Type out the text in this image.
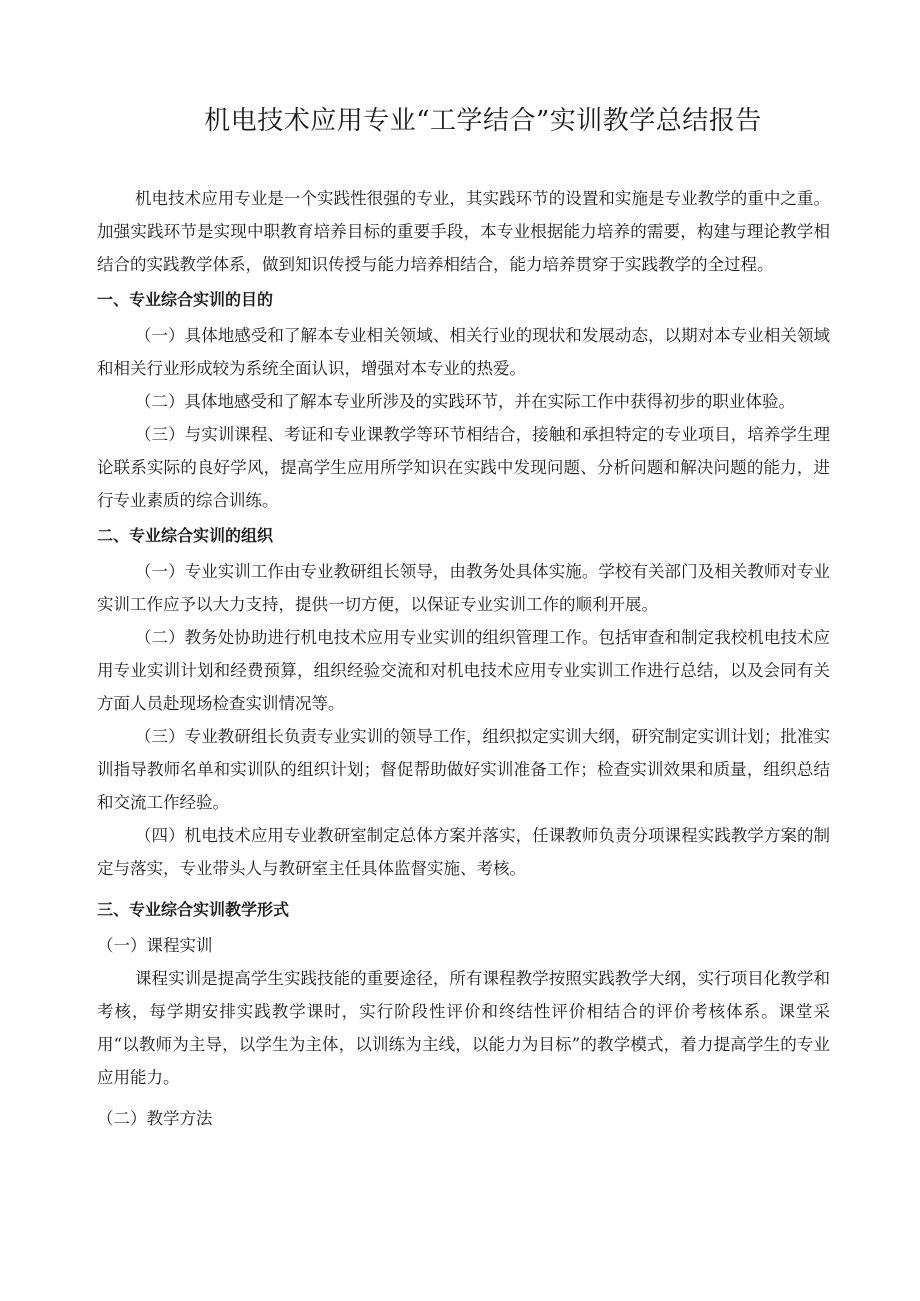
机电技术应用专业“工学结合”实训教学总结报告

机电技术应用专业是一个实践性很强的专业，其实践环节的设置和实施是专业教学的重中之重。加强实践环节是实现中职教育培养目标的重要手段，本专业根据能力培养的需要，构建与理论教学相结合的实践教学体系，做到知识传授与能力培养相结合，能力培养贯穿于实践教学的全过程。

一、专业综合实训的目的

（一）具体地感受和了解本专业相关领域、相关行业的现状和发展动态，以期对本专业相关领域和相关行业形成较为系统全面认识，增强对本专业的热爱。

（二）具体地感受和了解本专业所涉及的实践环节，并在实际工作中获得初步的职业体验。

（三）与实训课程、考证和专业课教学等环节相结合，接触和承担特定的专业项目，培养学生理论联系实际的良好学风，提高学生应用所学知识在实践中发现问题、分析问题和解决问题的能力，进行专业素质的综合训练。

二、专业综合实训的组织

（一）专业实训工作由专业教研组长领导，由教务处具体实施。学校有关部门及相关教师对专业实训工作应予以大力支持，提供一切方便，以保证专业实训工作的顺利开展。

（二）教务处协助进行机电技术应用专业实训的组织管理工作。包括审查和制定我校机电技术应用专业实训计划和经费预算，组织经验交流和对机电技术应用专业实训工作进行总结，以及会同有关方面人员赴现场检查实训情况等。

（三）专业教研组长负责专业实训的领导工作，组织拟定实训大纲，研究制定实训计划；批准实训指导教师名单和实训队的组织计划；督促帮助做好实训准备工作；检查实训效果和质量，组织总结和交流工作经验。

（四）机电技术应用专业教研室制定总体方案并落实，任课教师负责分项课程实践教学方案的制定与落实，专业带头人与教研室主任具体监督实施、考核。

三、专业综合实训教学形式

（一）课程实训

课程实训是提高学生实践技能的重要途径，所有课程教学按照实践教学大纲，实行项目化教学和考核，每学期安排实践教学课时，实行阶段性评价和终结性评价相结合的评价考核体系。课堂采用“以教师为主导，以学生为主体，以训练为主线，以能力为目标”的教学模式，着力提高学生的专业应用能力。

（二）教学方法
